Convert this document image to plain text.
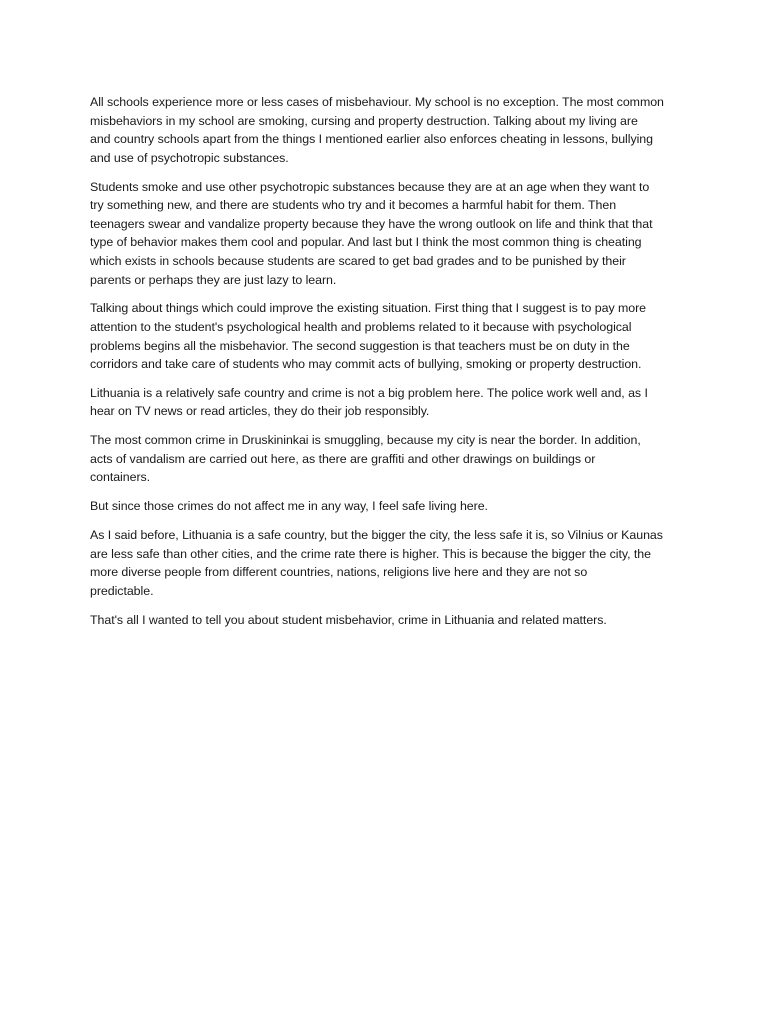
All schools experience more or less cases of misbehaviour. My school is no exception. The most common
misbehaviors in my school are smoking, cursing and property destruction. Talking about my living are
and country schools apart from the things I mentioned earlier also enforces cheating in lessons, bullying
and use of psychotropic substances.

Students smoke and use other psychotropic substances because they are at an age when they want to
try something new, and there are students who try and it becomes a harmful habit for them. Then
teenagers swear and vandalize property because they have the wrong outlook on life and think that that
type of behavior makes them cool and popular. And last but I think the most common thing is cheating
which exists in schools because students are scared to get bad grades and to be punished by their
parents or perhaps they are just lazy to learn.

Talking about things which could improve the existing situation. First thing that I suggest is to pay more
attention to the student's psychological health and problems related to it because with psychological
problems begins all the misbehavior. The second suggestion is that teachers must be on duty in the
corridors and take care of students who may commit acts of bullying, smoking or property destruction.

Lithuania is a relatively safe country and crime is not a big problem here. The police work well and, as I
hear on TV news or read articles, they do their job responsibly.

The most common crime in Druskininkai is smuggling, because my city is near the border. In addition,
acts of vandalism are carried out here, as there are graffiti and other drawings on buildings or
containers.

But since those crimes do not affect me in any way, I feel safe living here.

As I said before, Lithuania is a safe country, but the bigger the city, the less safe it is, so Vilnius or Kaunas
are less safe than other cities, and the crime rate there is higher. This is because the bigger the city, the
more diverse people from different countries, nations, religions live here and they are not so
predictable.

That's all I wanted to tell you about student misbehavior, crime in Lithuania and related matters.
